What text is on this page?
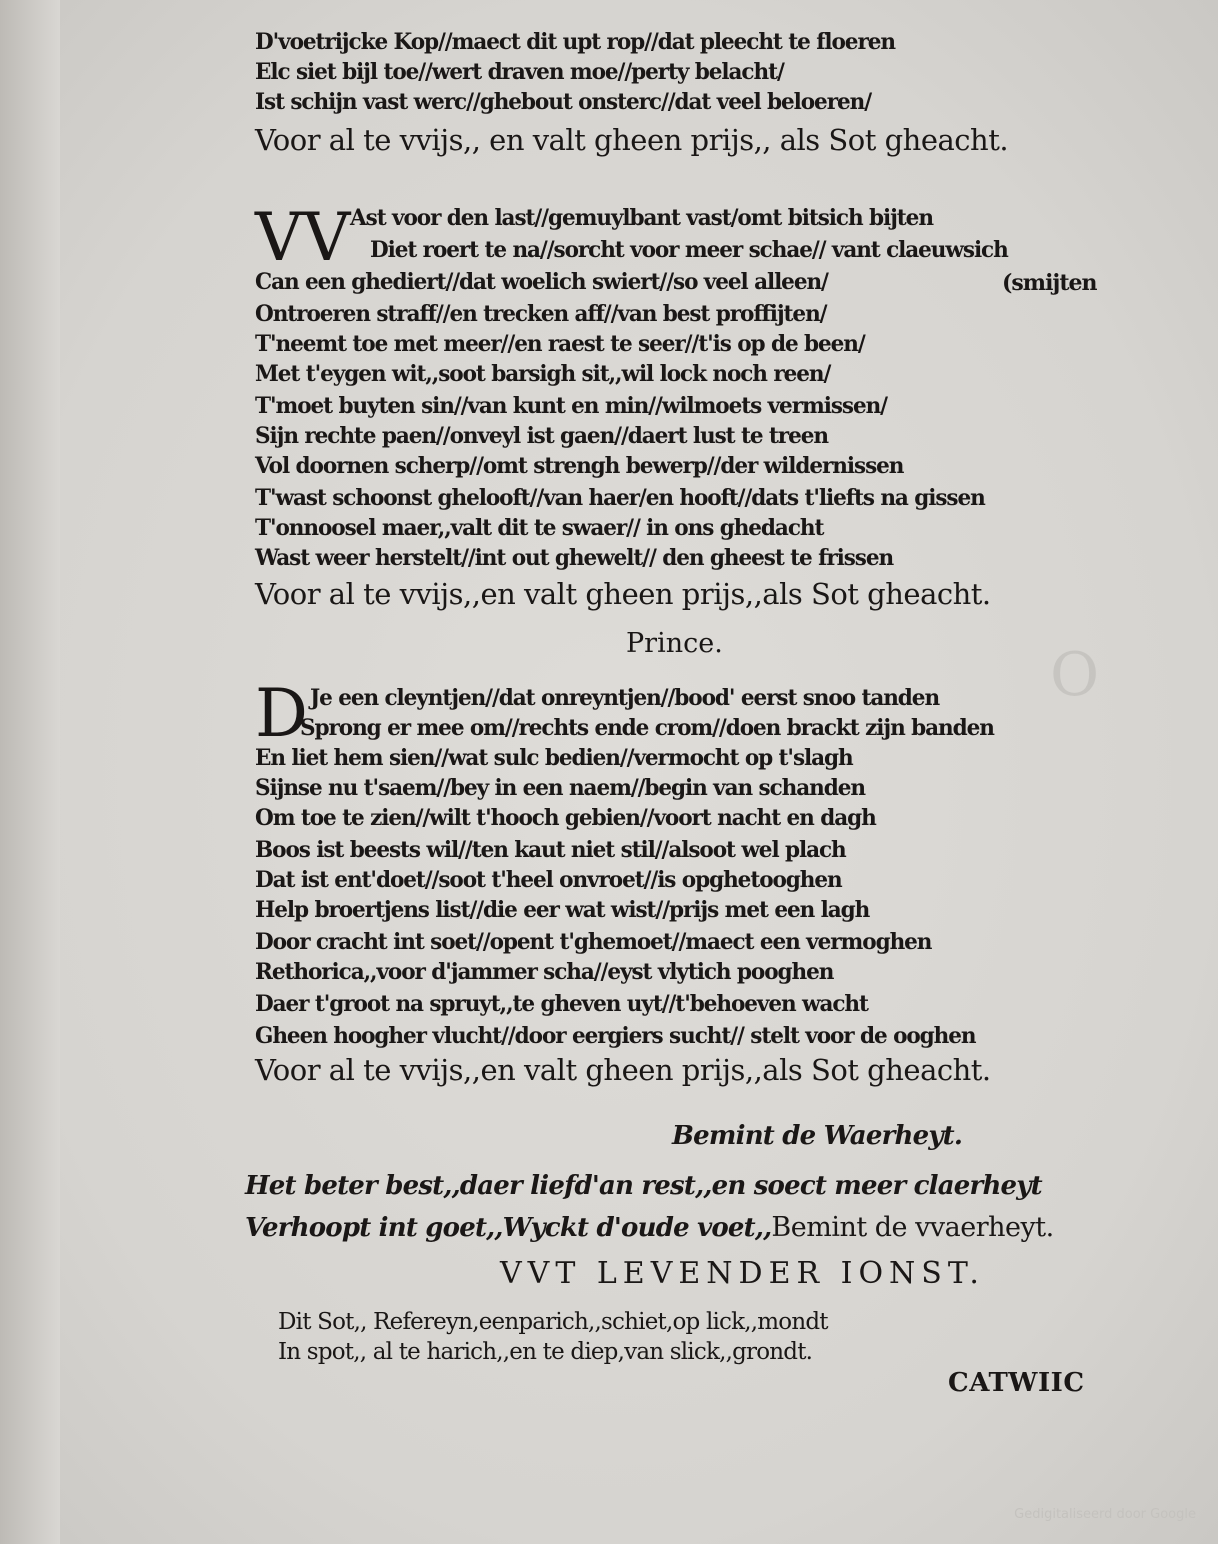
O
D'voetrijcke Kop//maect dit upt rop//dat pleecht te floeren
Elc siet bijl toe//wert draven moe//perty belacht/
Ist schijn vast werc//ghebout onsterc//dat veel beloeren/
Voor al te vvijs,, en valt gheen prijs,, als Sot gheacht.
VV Ast voor den last//gemuylbant vast/omt bitsich bijten
Diet roert te na//sorcht voor meer schae// vant claeuwsich
Can een ghediert//dat woelich swiert//so veel alleen/	(smijten
Ontroeren straff//en trecken aff//van best proffijten/
T'neemt toe met meer//en raest te seer//t'is op de been/
Met t'eygen wit,,soot barsigh sit,,wil lock noch reen/
T'moet buyten sin//van kunt en min//wilmoets vermissen/
Sijn rechte paen//onveyl ist gaen//daert lust te treen
Vol doornen scherp//omt strengh bewerp//der wildernissen
T'wast schoonst ghelooft//van haer/en hooft//dats t'liefts na gissen
T'onnoosel maer,,valt dit te swaer// in ons ghedacht
Wast weer herstelt//int out ghewelt// den gheest te frissen
Voor al te vvijs,,en valt gheen prijs,,als Sot gheacht.
Prince.
D Je een cleyntjen//dat onreyntjen//bood' eerst snoo tanden
Sprong er mee om//rechts ende crom//doen brackt zijn banden
En liet hem sien//wat sulc bedien//vermocht op t'slagh
Sijnse nu t'saem//bey in een naem//begin van schanden
Om toe te zien//wilt t'hooch gebien//voort nacht en dagh
Boos ist beests wil//ten kaut niet stil//alsoot wel plach
Dat ist ent'doet//soot t'heel onvroet//is opghetooghen
Help broertjens list//die eer wat wist//prijs met een lagh
Door cracht int soet//opent t'ghemoet//maect een vermoghen
Rethorica,,voor d'jammer scha//eyst vlytich pooghen
Daer t'groot na spruyt,,te gheven uyt//t'behoeven wacht
Gheen hoogher vlucht//door eergiers sucht// stelt voor de ooghen
Voor al te vvijs,,en valt gheen prijs,,als Sot gheacht.
Bemint de Waerheyt.
Het beter best,,daer liefd'an rest,,en soect meer claerheyt
Verhoopt int goet,,Wyckt d'oude voet,,Bemint de vvaerheyt.
VVT LEVENDER IONST.
Dit Sot,, Refereyn,eenparich,,schiet,op lick,,mondt
In spot,, al te harich,,en te diep,van slick,,grondt.
CATWIIC
Gedigitaliseerd door Google
